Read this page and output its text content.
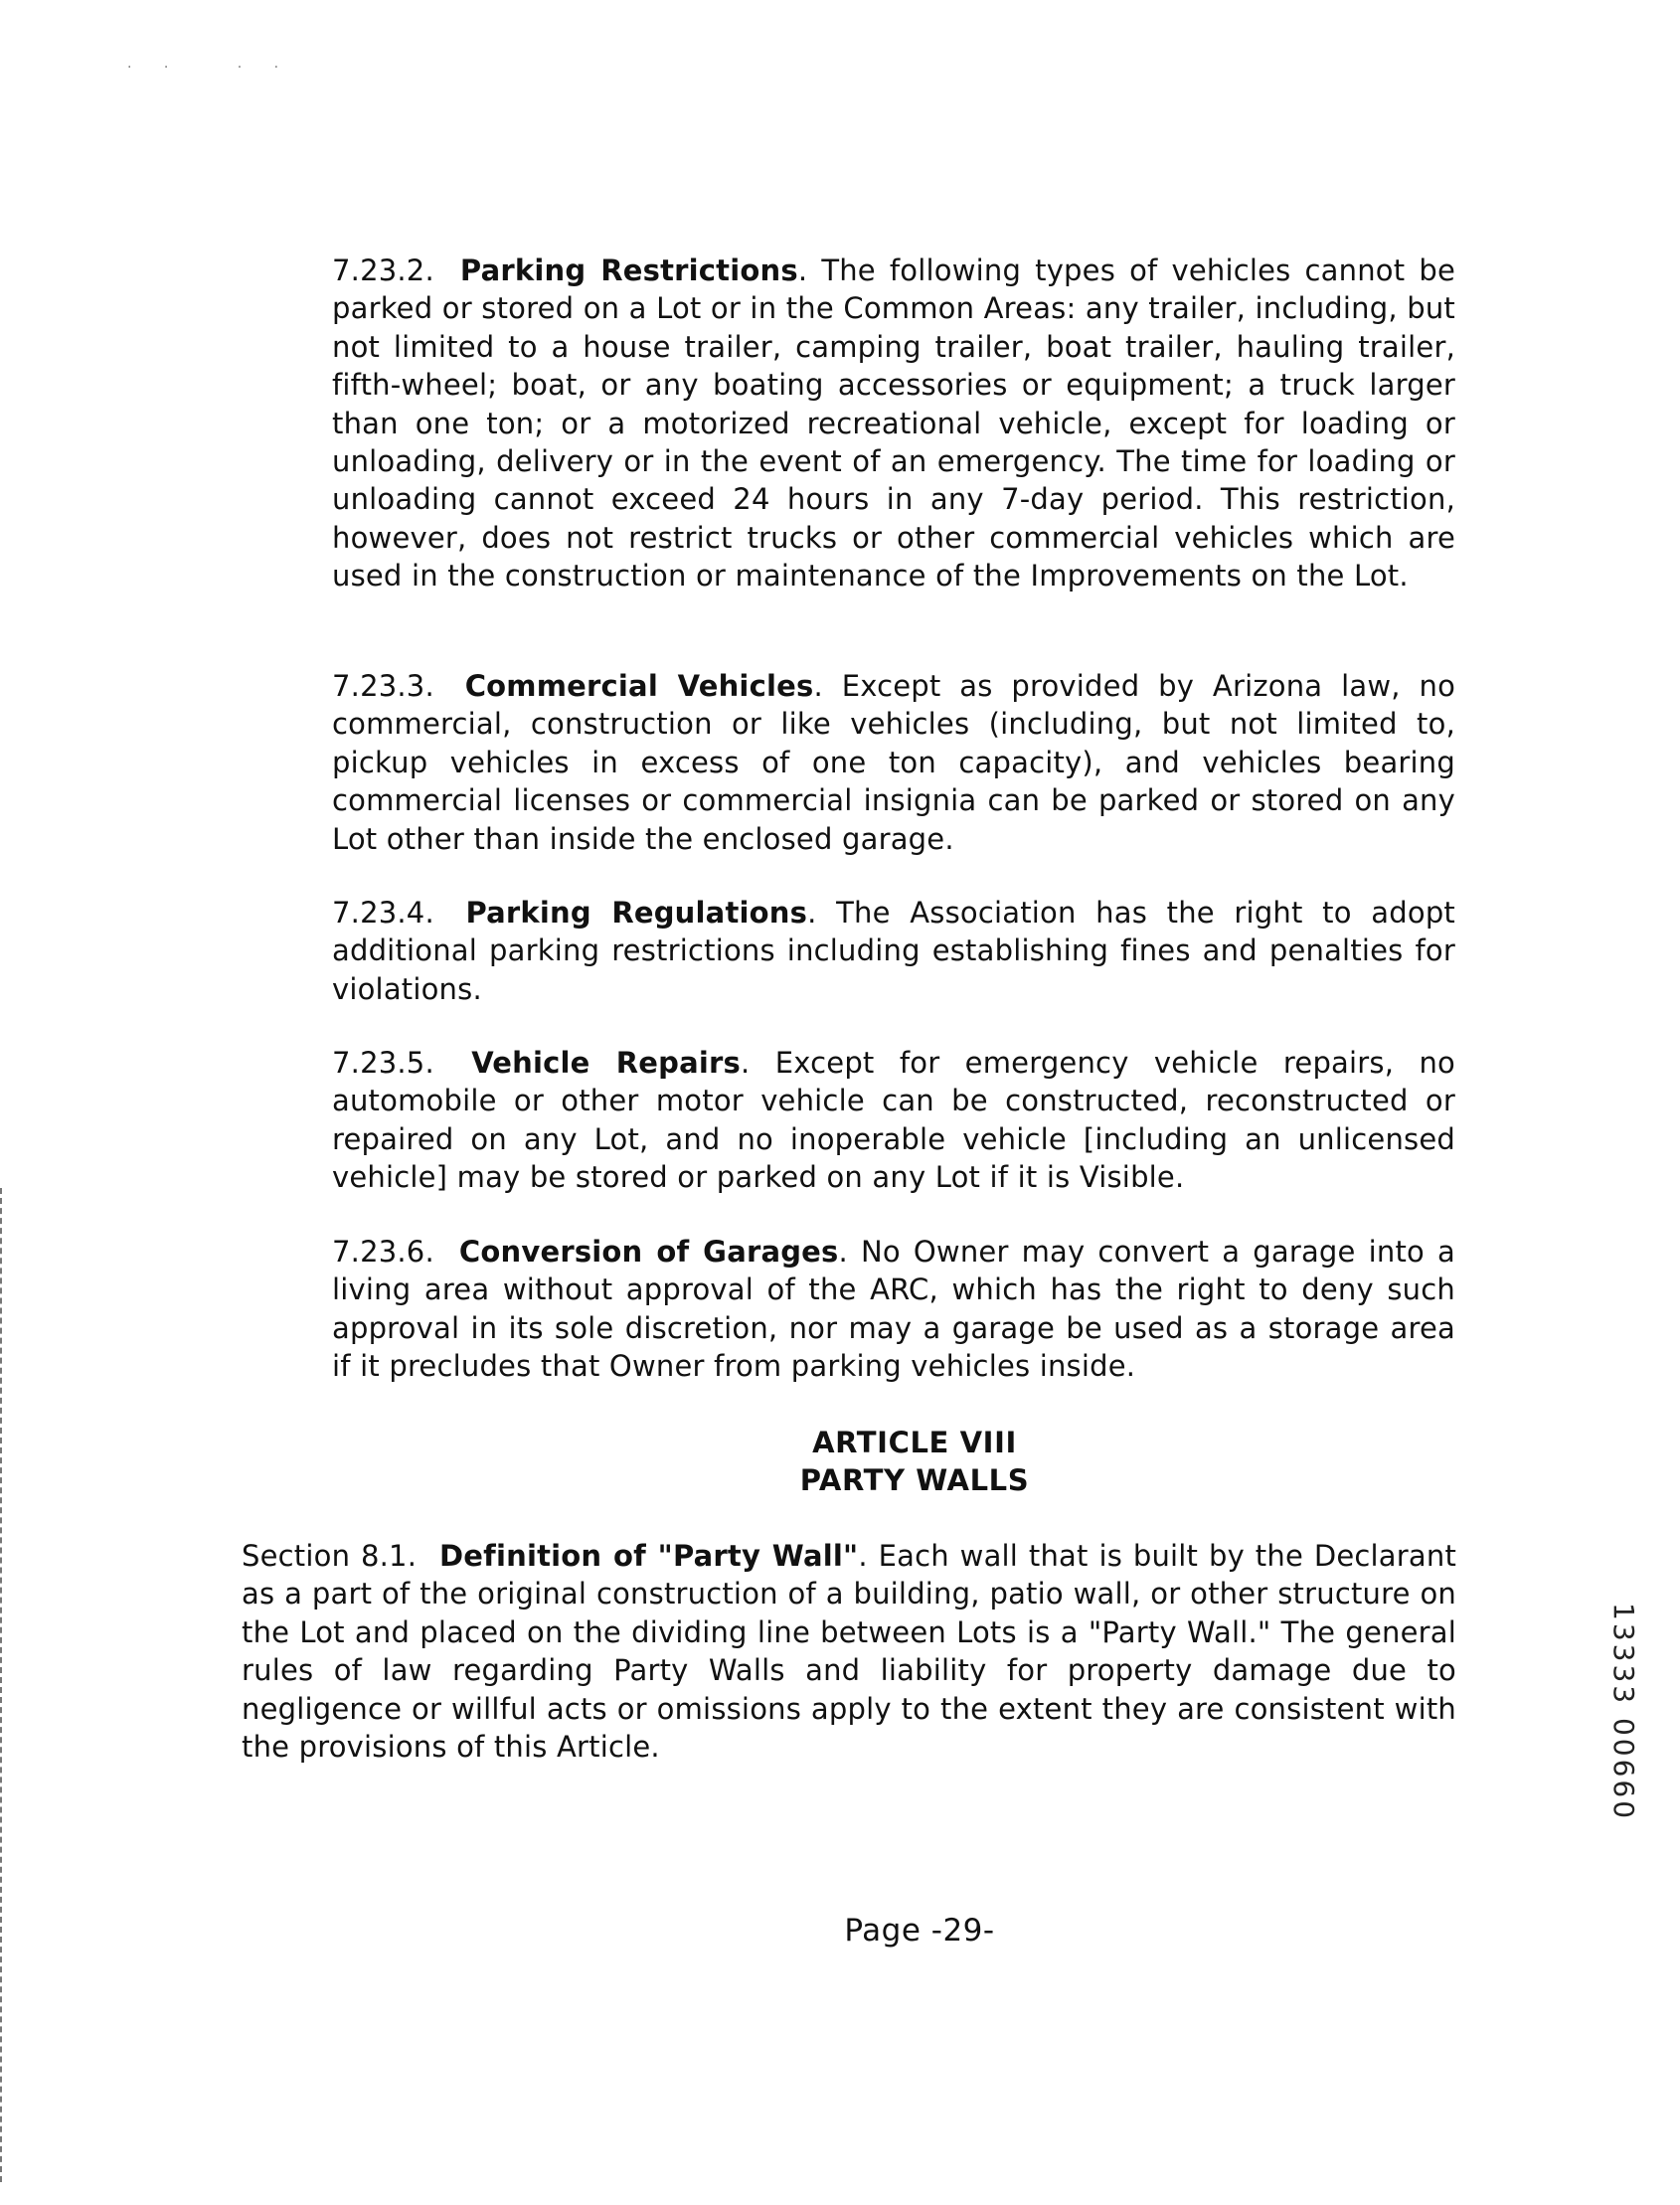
· ·   · ·

7.23.2. Parking Restrictions. The following types of vehicles cannot be parked or stored on a Lot or in the Common Areas: any trailer, including, but not limited to a house trailer, camping trailer, boat trailer, hauling trailer, fifth-wheel; boat, or any boating accessories or equipment; a truck larger than one ton; or a motorized recreational vehicle, except for loading or unloading, delivery or in the event of an emergency. The time for loading or unloading cannot exceed 24 hours in any 7-day period. This restriction, however, does not restrict trucks or other commercial vehicles which are used in the construction or maintenance of the Improvements on the Lot.

7.23.3. Commercial Vehicles. Except as provided by Arizona law, no commercial, construction or like vehicles (including, but not limited to, pickup vehicles in excess of one ton capacity), and vehicles bearing commercial licenses or commercial insignia can be parked or stored on any Lot other than inside the enclosed garage.

7.23.4. Parking Regulations. The Association has the right to adopt additional parking restrictions including establishing fines and penalties for violations.

7.23.5. Vehicle Repairs. Except for emergency vehicle repairs, no automobile or other motor vehicle can be constructed, reconstructed or repaired on any Lot, and no inoperable vehicle [including an unlicensed vehicle] may be stored or parked on any Lot if it is Visible.

7.23.6. Conversion of Garages. No Owner may convert a garage into a living area without approval of the ARC, which has the right to deny such approval in its sole discretion, nor may a garage be used as a storage area if it precludes that Owner from parking vehicles inside.

ARTICLE VIII
PARTY WALLS

Section 8.1. Definition of "Party Wall". Each wall that is built by the Declarant as a part of the original construction of a building, patio wall, or other structure on the Lot and placed on the dividing line between Lots is a "Party Wall." The general rules of law regarding Party Walls and liability for property damage due to negligence or willful acts or omissions apply to the extent they are consistent with the provisions of this Article.

Page -29-
13333 00660
